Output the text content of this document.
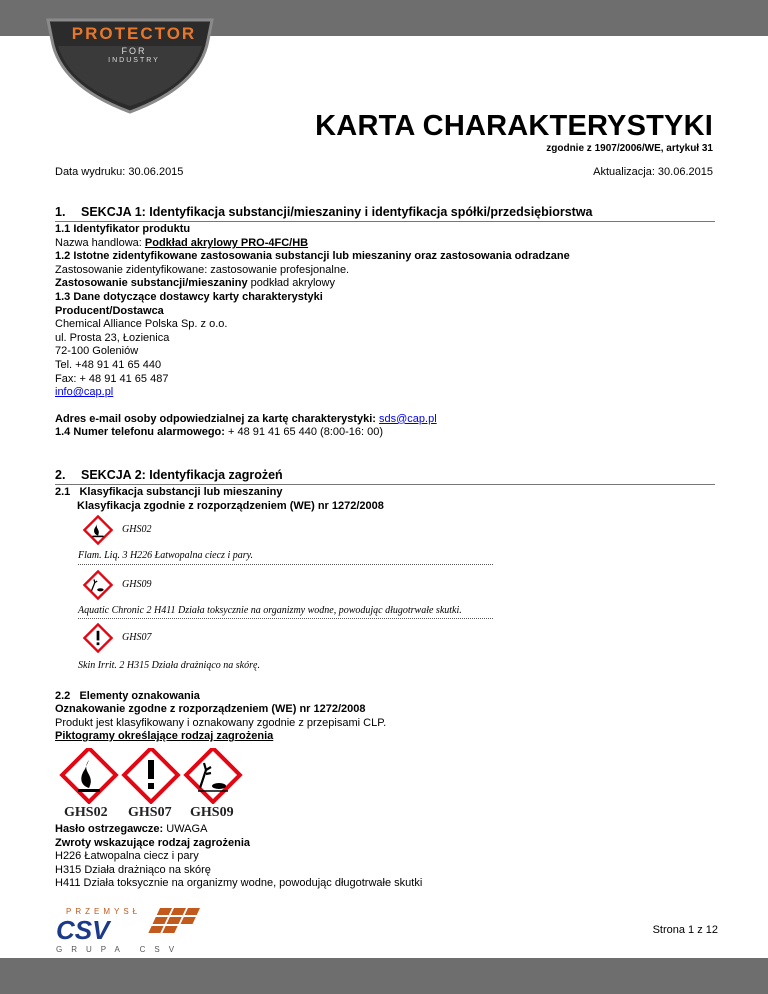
PROTECTOR
FOR
INDUSTRY
KARTA CHARAKTERYSTYKI
zgodnie z 1907/2006/WE, artykuł 31
Data wydruku: 30.06.2015	Aktualizacja: 30.06.2015
1. SEKCJA 1: Identyfikacja substancji/mieszaniny i identyfikacja spółki/przedsiębiorstwa
1.1 Identyfikator produktu
Nazwa handlowa: Podkład akrylowy PRO-4FC/HB
1.2 Istotne zidentyfikowane zastosowania substancji lub mieszaniny oraz zastosowania odradzane
Zastosowanie zidentyfikowane: zastosowanie profesjonalne.
Zastosowanie substancji/mieszaniny podkład akrylowy
1.3 Dane dotyczące dostawcy karty charakterystyki
Producent/Dostawca
Chemical Alliance Polska Sp. z o.o.
ul. Prosta 23, Łozienica
72-100 Goleniów
Tel. +48 91 41 65 440
Fax: + 48 91 41 65 487
info@cap.pl
Adres e-mail osoby odpowiedzialnej za kartę charakterystyki: sds@cap.pl
1.4 Numer telefonu alarmowego: + 48 91 41 65 440 (8:00-16: 00)
2. SEKCJA 2: Identyfikacja zagrożeń
2.1 Klasyfikacja substancji lub mieszaniny
Klasyfikacja zgodnie z rozporządzeniem (WE) nr 1272/2008
GHS02
Flam. Liq. 3 H226 Łatwopalna ciecz i pary.
GHS09
Aquatic Chronic 2 H411 Działa toksycznie na organizmy wodne, powodując długotrwałe skutki.
GHS07
Skin Irrit. 2 H315 Działa drażniąco na skórę.
2.2 Elementy oznakowania
Oznakowanie zgodne z rozporządzeniem (WE) nr 1272/2008
Produkt jest klasyfikowany i oznakowany zgodnie z przepisami CLP.
Piktogramy określające rodzaj zagrożenia
GHS02 GHS07 GHS09
Hasło ostrzegawcze: UWAGA
Zwroty wskazujące rodzaj zagrożenia
H226 Łatwopalna ciecz i pary
H315 Działa drażniąco na skórę
H411 Działa toksycznie na organizmy wodne, powodując długotrwałe skutki
PRZEMYSŁ
CSV
GRUPA CSV
Strona 1 z 12
